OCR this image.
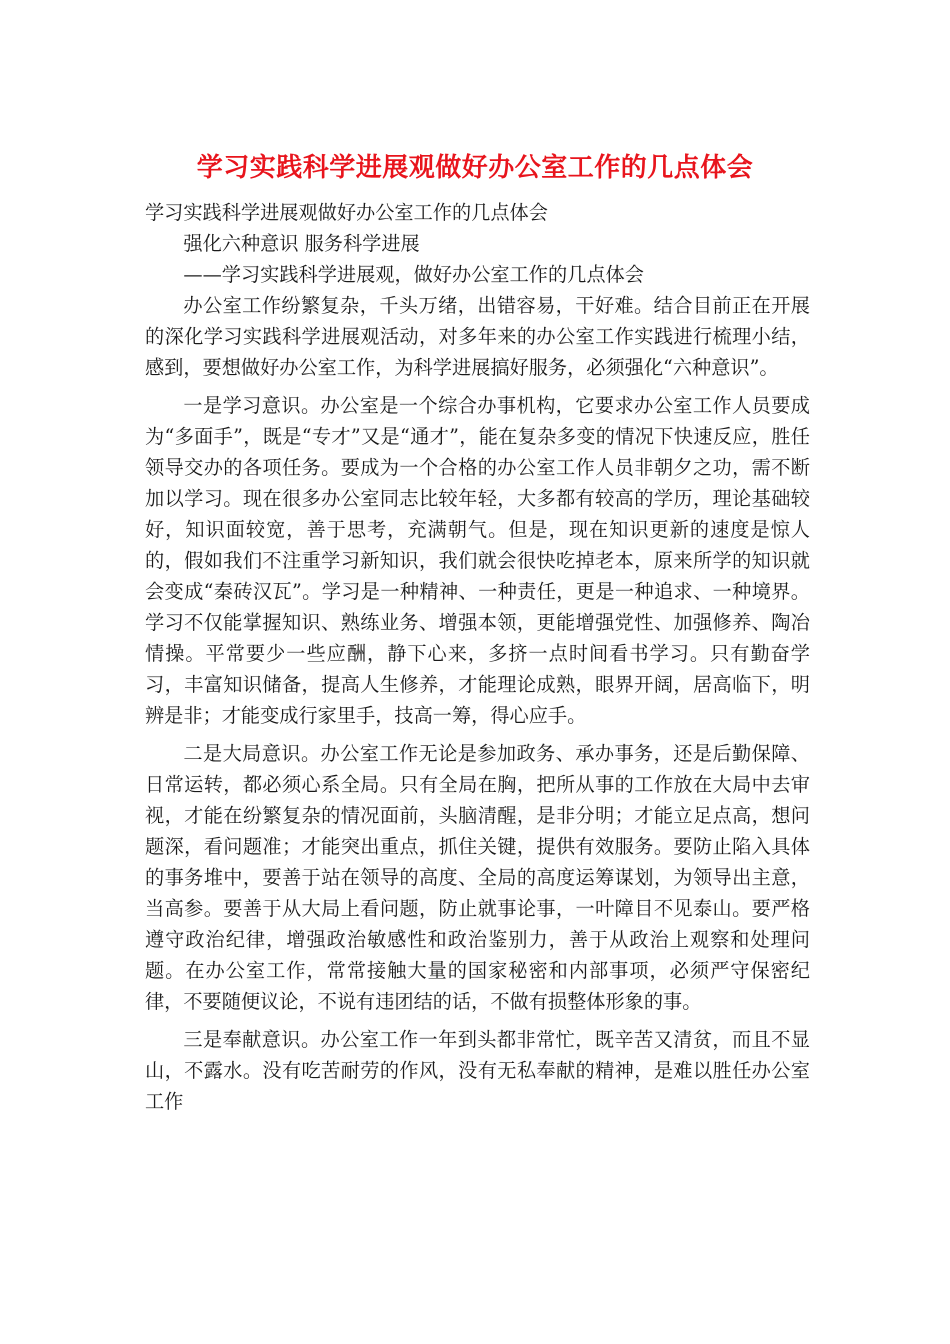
学习实践科学进展观做好办公室工作的几点体会

学习实践科学进展观做好办公室工作的几点体会

强化六种意识 服务科学进展

——学习实践科学进展观，做好办公室工作的几点体会

办公室工作纷繁复杂，千头万绪，出错容易，干好难。结合目前正在开展的深化学习实践科学进展观活动，对多年来的办公室工作实践进行梳理小结，感到，要想做好办公室工作，为科学进展搞好服务，必须强化“六种意识”。

一是学习意识。办公室是一个综合办事机构，它要求办公室工作人员要成为“多面手”，既是“专才”又是“通才”，能在复杂多变的情况下快速反应，胜任领导交办的各项任务。要成为一个合格的办公室工作人员非朝夕之功，需不断加以学习。现在很多办公室同志比较年轻，大多都有较高的学历，理论基础较好，知识面较宽，善于思考，充满朝气。但是，现在知识更新的速度是惊人的，假如我们不注重学习新知识，我们就会很快吃掉老本，原来所学的知识就会变成“秦砖汉瓦”。学习是一种精神、一种责任，更是一种追求、一种境界。学习不仅能掌握知识、熟练业务、增强本领，更能增强党性、加强修养、陶冶情操。平常要少一些应酬，静下心来，多挤一点时间看书学习。只有勤奋学习，丰富知识储备，提高人生修养，才能理论成熟，眼界开阔，居高临下，明辨是非；才能变成行家里手，技高一筹，得心应手。

二是大局意识。办公室工作无论是参加政务、承办事务，还是后勤保障、日常运转，都必须心系全局。只有全局在胸，把所从事的工作放在大局中去审视，才能在纷繁复杂的情况面前，头脑清醒，是非分明；才能立足点高，想问题深，看问题准；才能突出重点，抓住关键，提供有效服务。要防止陷入具体的事务堆中，要善于站在领导的高度、全局的高度运筹谋划，为领导出主意，当高参。要善于从大局上看问题，防止就事论事，一叶障目不见泰山。要严格遵守政治纪律，增强政治敏感性和政治鉴别力，善于从政治上观察和处理问题。在办公室工作，常常接触大量的国家秘密和内部事项，必须严守保密纪律，不要随便议论，不说有违团结的话，不做有损整体形象的事。

三是奉献意识。办公室工作一年到头都非常忙，既辛苦又清贫，而且不显山，不露水。没有吃苦耐劳的作风，没有无私奉献的精神，是难以胜任办公室工作
